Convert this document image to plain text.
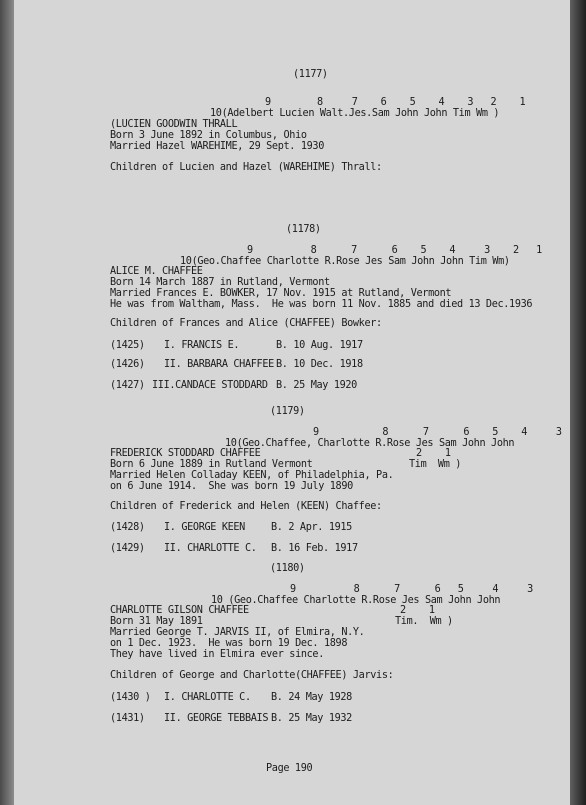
(1177)
9        8     7    6    5    4    3   2    1
10(Adelbert Lucien Walt.Jes.Sam John John Tim Wm )
(LUCIEN GOODWIN THRALL
Born 3 June 1892 in Columbus, Ohio
Married Hazel WAREHIME, 29 Sept. 1930
Children of Lucien and Hazel (WAREHIME) Thrall:
(1178)
9          8      7      6    5    4     3    2   1
10(Geo.Chaffee Charlotte R.Rose Jes Sam John John Tim Wm)
ALICE M. CHAFFEE
Born 14 March 1887 in Rutland, Vermont
Married Frances E. BOWKER, 17 Nov. 1915 at Rutland, Vermont
He was from Waltham, Mass.  He was born 11 Nov. 1885 and died 13 Dec.1936
Children of Frances and Alice (CHAFFEE) Bowker:
(1425) I. FRANCIS E.	B. 10 Aug. 1917
(1426) II. BARBARA CHAFFEE B. 10 Dec. 1918
(1427) III.CANDACE STODDARD B. 25 May 1920
(1179)
9           8      7      6    5    4     3
10(Geo.Chaffee, Charlotte R.Rose Jes Sam John John
2    1
Tim  Wm )
FREDERICK STODDARD CHAFFEE
Born 6 June 1889 in Rutland Vermont
Married Helen Colladay KEEN, of Philadelphia, Pa.
on 6 June 1914.  She was born 19 July 1890
Children of Frederick and Helen (KEEN) Chaffee:
(1428) I. GEORGE KEEN	B. 2 Apr. 1915
(1429) II. CHARLOTTE C. B. 16 Feb. 1917
(1180)
9          8      7      6   5     4     3
10 (Geo.Chaffee Charlotte R.Rose Jes Sam John John
2    1
Tim.  Wm )
CHARLOTTE GILSON CHAFFEE
Born 31 May 1891
Married George T. JARVIS II, of Elmira, N.Y.
on 1 Dec. 1923.  He was born 19 Dec. 1898
They have lived in Elmira ever since.
Children of George and Charlotte(CHAFFEE) Jarvis:
(1430 ) I. CHARLOTTE C. B. 24 May 1928
(1431) II. GEORGE TEBBAIS B. 25 May 1932
Page 190
